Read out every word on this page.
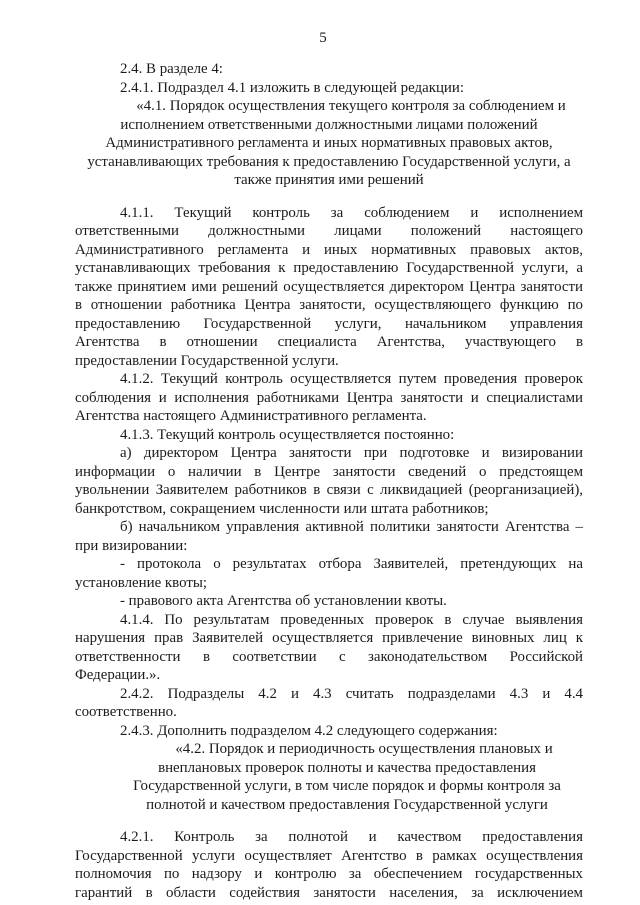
5
2.4. В разделе 4:
2.4.1. Подраздел 4.1 изложить в следующей редакции:
«4.1. Порядок осуществления текущего контроля за соблюдением и
исполнением ответственными должностными лицами положений
Административного регламента и иных нормативных правовых актов,
устанавливающих требования к предоставлению Государственной услуги, а
также принятия ими решений
4.1.1. Текущий контроль за соблюдением и исполнением
ответственными должностными лицами положений настоящего
Административного регламента и иных нормативных правовых актов,
устанавливающих требования к предоставлению Государственной услуги, а
также принятием ими решений осуществляется директором Центра занятости
в отношении работника Центра занятости, осуществляющего функцию по
предоставлению Государственной услуги, начальником управления
Агентства в отношении специалиста Агентства, участвующего в
предоставлении Государственной услуги.
4.1.2. Текущий контроль осуществляется путем проведения проверок
соблюдения и исполнения работниками Центра занятости и специалистами
Агентства настоящего Административного регламента.
4.1.3. Текущий контроль осуществляется постоянно:
а) директором Центра занятости при подготовке и визировании
информации о наличии в Центре занятости сведений о предстоящем
увольнении Заявителем работников в связи с ликвидацией (реорганизацией),
банкротством, сокращением численности или штата работников;
б) начальником управления активной политики занятости Агентства –
при визировании:
- протокола о результатах отбора Заявителей, претендующих на
установление квоты;
- правового акта Агентства об установлении квоты.
4.1.4. По результатам проведенных проверок в случае выявления
нарушения прав Заявителей осуществляется привлечение виновных лиц к
ответственности в соответствии с законодательством Российской
Федерации.».
2.4.2. Подразделы 4.2 и 4.3 считать подразделами 4.3 и 4.4
соответственно.
2.4.3. Дополнить подразделом 4.2 следующего содержания:
«4.2. Порядок и периодичность осуществления плановых и
внеплановых проверок полноты и качества предоставления
Государственной услуги, в том числе порядок и формы контроля за
полнотой и качеством предоставления Государственной услуги
4.2.1. Контроль за полнотой и качеством предоставления
Государственной услуги осуществляет Агентство в рамках осуществления
полномочия по надзору и контролю за обеспечением государственных
гарантий в области содействия занятости населения, за исключением
